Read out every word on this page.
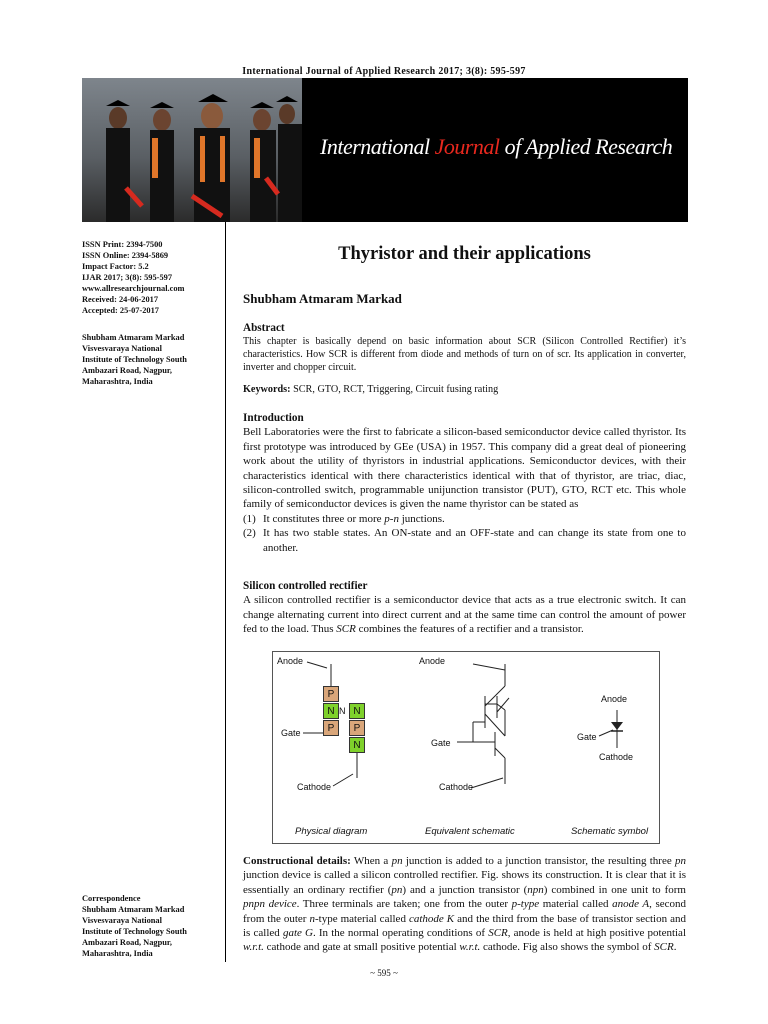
International Journal of Applied Research 2017; 3(8): 595-597
International Journal of Applied Research
ISSN Print: 2394-7500
ISSN Online: 2394-5869
Impact Factor: 5.2
IJAR 2017; 3(8): 595-597
www.allresearchjournal.com
Received: 24-06-2017
Accepted: 25-07-2017
Shubham Atmaram Markad
Visvesvaraya National
Institute of Technology South
Ambazari Road, Nagpur,
Maharashtra, India
Correspondence
Shubham Atmaram Markad
Visvesvaraya National
Institute of Technology South
Ambazari Road, Nagpur,
Maharashtra, India
Thyristor and their applications
Shubham Atmaram Markad
Abstract

This chapter is basically depend on basic information about SCR (Silicon Controlled Rectifier) it’s characteristics. How SCR is different from diode and methods of turn on of scr. Its application in converter, inverter and chopper circuit.

Keywords: SCR, GTO, RCT, Triggering, Circuit fusing rating
Introduction

Bell Laboratories were the first to fabricate a silicon-based semiconductor device called thyristor. Its first prototype was introduced by GEe (USA) in 1957. This company did a great deal of pioneering work about the utility of thyristors in industrial applications. Semiconductor devices, with their characteristics identical with there characteristics identical with that of thyristor, are triac, diac, silicon-controlled switch, programmable unijunction transistor (PUT), GTO, RCT etc. This whole family of semiconductor devices is given the name thyristor can be stated as

(1) It constitutes three or more p-n junctions.
(2) It has two stable states. An ON-state and an OFF-state and can change its state from one to another.
Silicon controlled rectifier

A silicon controlled rectifier is a semiconductor device that acts as a true electronic switch. It can change alternating current into direct current and at the same time can control the amount of power fed to the load. Thus SCR combines the features of a rectifier and a transistor.

Anode
Gate
Cathode
P
N
P
N
P
N
N
Anode
Gate
Cathode
Anode
Gate
Cathode
Physical diagram	Equivalent schematic	Schematic symbol

Constructional details: When a pn junction is added to a junction transistor, the resulting three pn junction device is called a silicon controlled rectifier. Fig. shows its construction. It is clear that it is essentially an ordinary rectifier (pn) and a junction transistor (npn) combined in one unit to form pnpn device. Three terminals are taken; one from the outer p-type material called anode A, second from the outer n-type material called cathode K and the third from the base of transistor section and is called gate G. In the normal operating conditions of SCR, anode is held at high positive potential w.r.t. cathode and gate at small positive potential w.r.t. cathode. Fig also shows the symbol of SCR.

~ 595 ~
